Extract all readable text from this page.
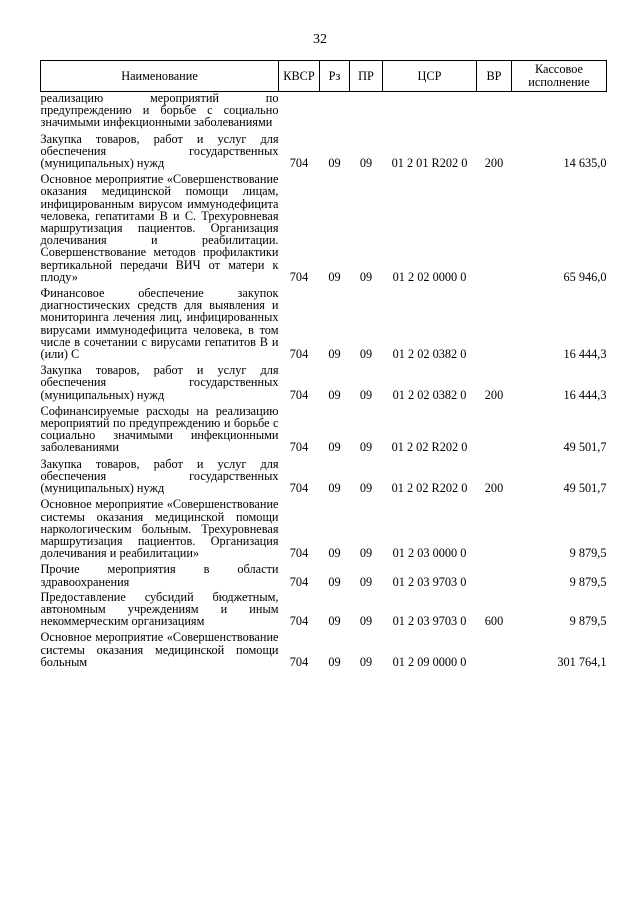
32
Наименование	КВСР	Рз	ПР	ЦСР	ВР	Кассовое исполнение
реализацию мероприятий по предупреждению и борьбе с социально значимыми инфекционными заболеваниями						
Закупка товаров, работ и услуг для обеспечения государственных (муниципальных) нужд	704	09	09	01 2 01 R202 0	200	14 635,0
Основное мероприятие «Совершенствование оказания медицинской помощи лицам, инфицированным вирусом иммунодефицита человека, гепатитами В и С. Трехуровневая маршрутизация пациентов. Организация долечивания и реабилитации. Совершенствование методов профилактики вертикальной передачи ВИЧ от матери к плоду»	704	09	09	01 2 02 0000 0		65 946,0
Финансовое обеспечение закупок диагностических средств для выявления и мониторинга лечения лиц, инфицированных вирусами иммунодефицита человека, в том числе в сочетании с вирусами гепатитов В и (или) С	704	09	09	01 2 02 0382 0		16 444,3
Закупка товаров, работ и услуг для обеспечения государственных (муниципальных) нужд	704	09	09	01 2 02 0382 0	200	16 444,3
Софинансируемые расходы на реализацию мероприятий по предупреждению и борьбе с социально значимыми инфекционными заболеваниями	704	09	09	01 2 02 R202 0		49 501,7
Закупка товаров, работ и услуг для обеспечения государственных (муниципальных) нужд	704	09	09	01 2 02 R202 0	200	49 501,7
Основное мероприятие «Совершенствование системы оказания медицинской помощи наркологическим больным. Трехуровневая маршрутизация пациентов. Организация долечивания и реабилитации»	704	09	09	01 2 03 0000 0		9 879,5
Прочие мероприятия в области здравоохранения	704	09	09	01 2 03 9703 0		9 879,5
Предоставление субсидий бюджетным, автономным учреждениям и иным некоммерческим организациям	704	09	09	01 2 03 9703 0	600	9 879,5
Основное мероприятие «Совершенствование системы оказания медицинской помощи больным	704	09	09	01 2 09 0000 0		301 764,1
